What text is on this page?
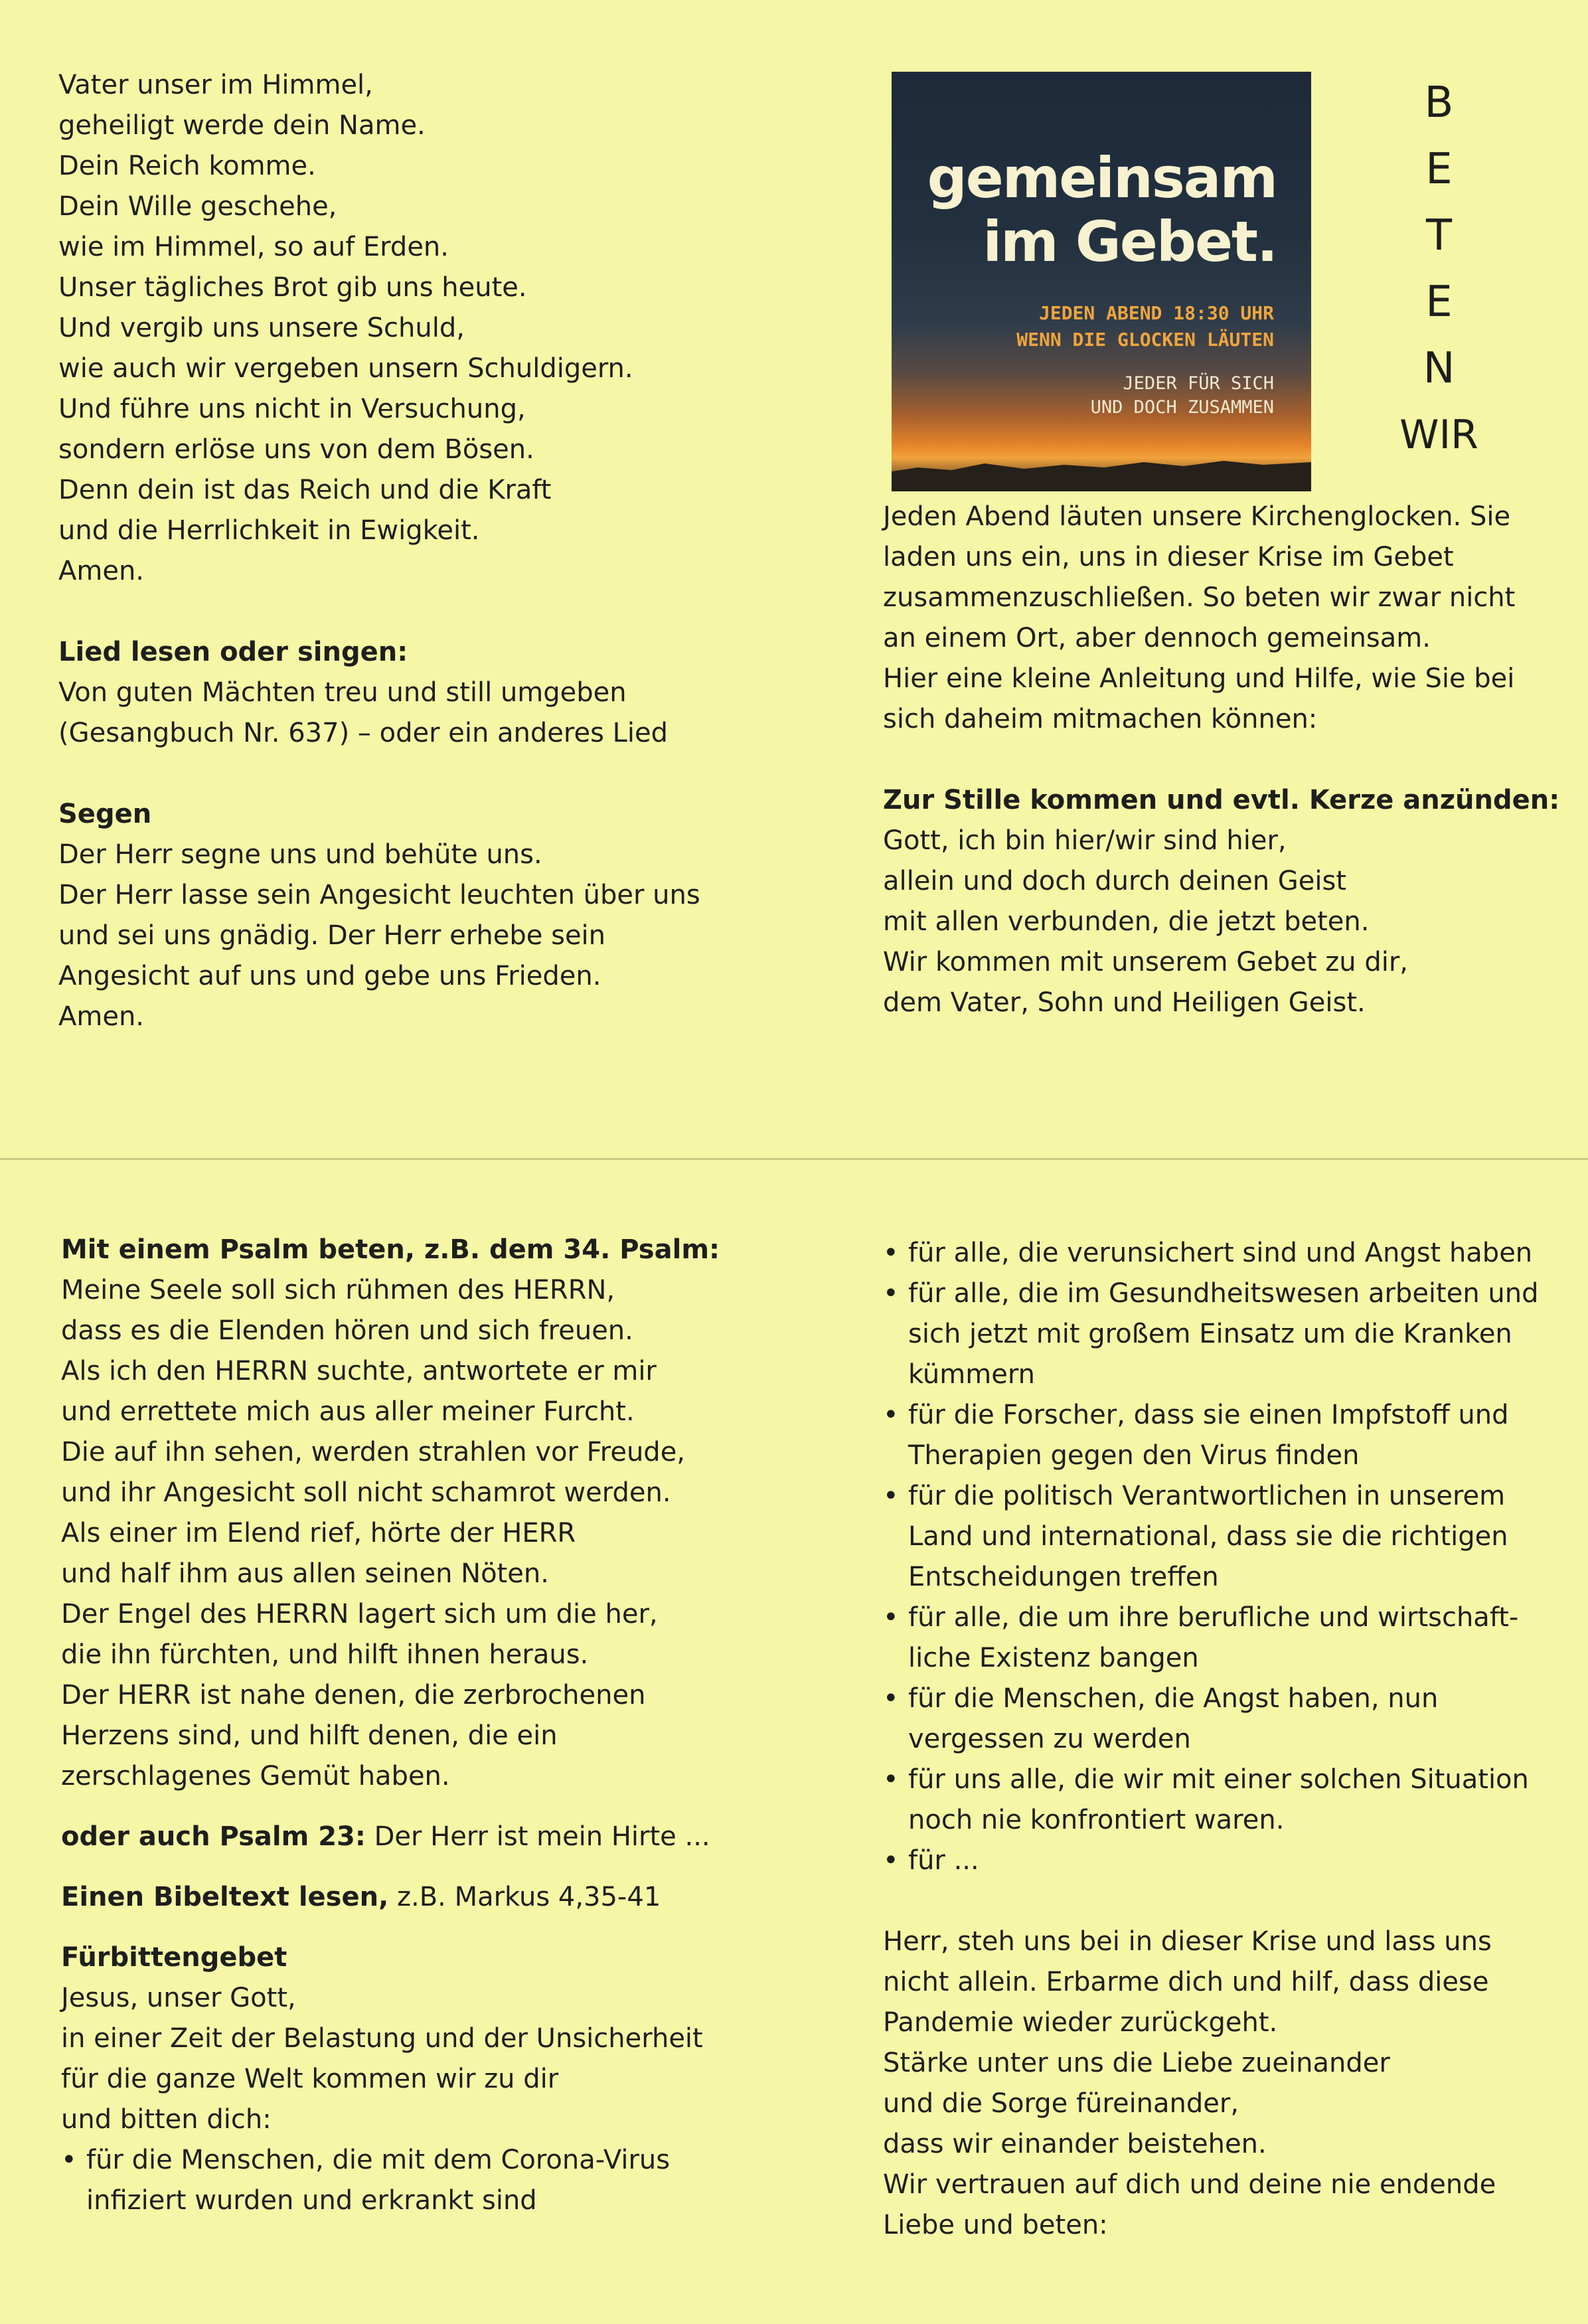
Vater unser im Himmel,

geheiligt werde dein Name.

Dein Reich komme.

Dein Wille geschehe,

wie im Himmel, so auf Erden.

Unser tägliches Brot gib uns heute.

Und vergib uns unsere Schuld,

wie auch wir vergeben unsern Schuldigern.

Und führe uns nicht in Versuchung,

sondern erlöse uns von dem Bösen.

Denn dein ist das Reich und die Kraft

und die Herrlichkeit in Ewigkeit.

Amen.

Lied lesen oder singen:

Von guten Mächten treu und still umgeben

(Gesangbuch Nr. 637) – oder ein anderes Lied

Segen

Der Herr segne uns und behüte uns.

Der Herr lasse sein Angesicht leuchten über uns

und sei uns gnädig. Der Herr erhebe sein

Angesicht auf uns und gebe uns Frieden.

Amen.

gemeinsam
im Gebet.
JEDEN ABEND 18:30 UHR
WENN DIE GLOCKEN LÄUTEN
JEDER FÜR SICH
UND DOCH ZUSAMMEN
B
E
T
E
N
WIR

Jeden Abend läuten unsere Kirchenglocken. Sie

laden uns ein, uns in dieser Krise im Gebet

zusammenzuschließen. So beten wir zwar nicht

an einem Ort, aber dennoch gemeinsam.

Hier eine kleine Anleitung und Hilfe, wie Sie bei

sich daheim mitmachen können:

Zur Stille kommen und evtl. Kerze anzünden:

Gott, ich bin hier/wir sind hier,

allein und doch durch deinen Geist

mit allen verbunden, die jetzt beten.

Wir kommen mit unserem Gebet zu dir,

dem Vater, Sohn und Heiligen Geist.

Mit einem Psalm beten, z.B. dem 34. Psalm:

Meine Seele soll sich rühmen des HERRN,

dass es die Elenden hören und sich freuen.

Als ich den HERRN suchte, antwortete er mir

und errettete mich aus aller meiner Furcht.

Die auf ihn sehen, werden strahlen vor Freude,

und ihr Angesicht soll nicht schamrot werden.

Als einer im Elend rief, hörte der HERR

und half ihm aus allen seinen Nöten.

Der Engel des HERRN lagert sich um die her,

die ihn fürchten, und hilft ihnen heraus.

Der HERR ist nahe denen, die zerbrochenen

Herzens sind, und hilft denen, die ein

zerschlagenes Gemüt haben.

oder auch Psalm 23: Der Herr ist mein Hirte ...

Einen Bibeltext lesen, z.B. Markus 4,35-41

Fürbittengebet

Jesus, unser Gott,

in einer Zeit der Belastung und der Unsicherheit

für die ganze Welt kommen wir zu dir

und bitten dich:

• für die Menschen, die mit dem Corona-Virus
infiziert wurden und erkrankt sind
• für alle, die verunsichert sind und Angst haben
• für alle, die im Gesundheitswesen arbeiten und
sich jetzt mit großem Einsatz um die Kranken
kümmern
• für die Forscher, dass sie einen Impfstoff und
Therapien gegen den Virus finden
• für die politisch Verantwortlichen in unserem
Land und international, dass sie die richtigen
Entscheidungen treffen
• für alle, die um ihre berufliche und wirtschaft-
liche Existenz bangen
• für die Menschen, die Angst haben, nun
vergessen zu werden
• für uns alle, die wir mit einer solchen Situation
noch nie konfrontiert waren.
• für ...

Herr, steh uns bei in dieser Krise und lass uns

nicht allein. Erbarme dich und hilf, dass diese

Pandemie wieder zurückgeht.

Stärke unter uns die Liebe zueinander

und die Sorge füreinander,

dass wir einander beistehen.

Wir vertrauen auf dich und deine nie endende

Liebe und beten:
